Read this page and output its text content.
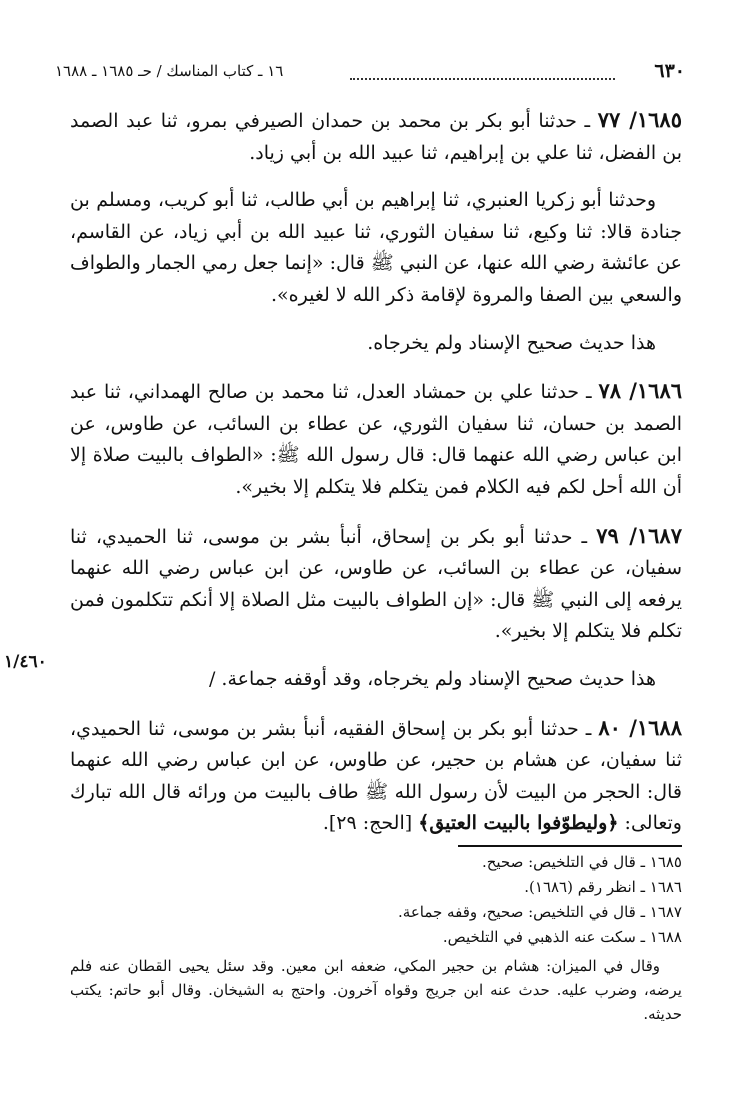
٦٣٠
١٦ ـ كتاب المناسك / حـ ١٦٨٥ ـ ١٦٨٨

١٦٨٥/ ٧٧ ـ حدثنا أبو بكر بن محمد بن حمدان الصيرفي بمرو، ثنا عبد الصمد بن الفضل، ثنا علي بن إبراهيم، ثنا عبيد الله بن أبي زياد.

وحدثنا أبو زكريا العنبري، ثنا إبراهيم بن أبي طالب، ثنا أبو كريب، ومسلم بن جنادة قالا: ثنا وكيع، ثنا سفيان الثوري، ثنا عبيد الله بن أبي زياد، عن القاسم، عن عائشة رضي الله عنها، عن النبي ﷺ قال: «إنما جعل رمي الجمار والطواف والسعي بين الصفا والمروة لإقامة ذكر الله لا لغيره».

هذا حديث صحيح الإسناد ولم يخرجاه.

١٦٨٦/ ٧٨ ـ حدثنا علي بن حمشاد العدل، ثنا محمد بن صالح الهمداني، ثنا عبد الصمد بن حسان، ثنا سفيان الثوري، عن عطاء بن السائب، عن طاوس، عن ابن عباس رضي الله عنهما قال: قال رسول الله ﷺ: «الطواف بالبيت صلاة إلا أن الله أحل لكم فيه الكلام فمن يتكلم فلا يتكلم إلا بخير».

١٦٨٧/ ٧٩ ـ حدثنا أبو بكر بن إسحاق، أنبأ بشر بن موسى، ثنا الحميدي، ثنا سفيان، عن عطاء بن السائب، عن طاوس، عن ابن عباس رضي الله عنهما يرفعه إلى النبي ﷺ قال: «إن الطواف بالبيت مثل الصلاة إلا أنكم تتكلمون فمن تكلم فلا يتكلم إلا بخير».

هذا حديث صحيح الإسناد ولم يخرجاه، وقد أوقفه جماعة. /

١٦٨٨/ ٨٠ ـ حدثنا أبو بكر بن إسحاق الفقيه، أنبأ بشر بن موسى، ثنا الحميدي، ثنا سفيان، عن هشام بن حجير، عن طاوس، عن ابن عباس رضي الله عنهما قال: الحجر من البيت لأن رسول الله ﷺ طاف بالبيت من ورائه قال الله تبارك وتعالى: ﴿وليطوّفوا بالبيت العتيق﴾ [الحج: ٢٩].

١/٤٦٠

١٦٨٥ ـ قال في التلخيص: صحيح.

١٦٨٦ ـ انظر رقم (١٦٨٦).

١٦٨٧ ـ قال في التلخيص: صحيح، وقفه جماعة.

١٦٨٨ ـ سكت عنه الذهبي في التلخيص.

وقال في الميزان: هشام بن حجير المكي، ضعفه ابن معين. وقد سئل يحيى القطان عنه فلم يرضه، وضرب عليه. حدث عنه ابن جريج وقواه آخرون. واحتج به الشيخان. وقال أبو حاتم: يكتب حديثه.
